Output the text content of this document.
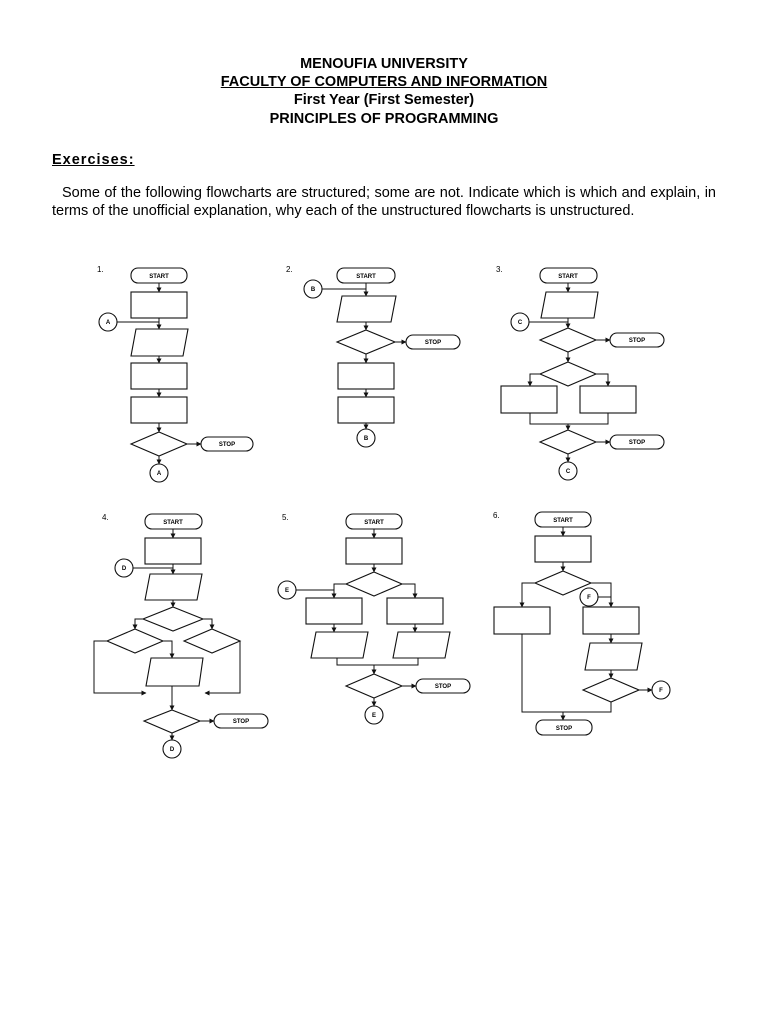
MENOUFIA UNIVERSITY
FACULTY OF COMPUTERS AND INFORMATION
First Year (First Semester)
PRINCIPLES OF PROGRAMMING
Exercises:
Some of the following flowcharts are structured; some are not. Indicate which is which and explain, in terms of the unofficial explanation, why each of the unstructured flowcharts is unstructured.
1.
START
A
STOP
A
2.
START
B
STOP
B
3.
START
C
STOP
STOP
C
4.
START
D
STOP
D
5.
START
E
STOP
E
6.
START
F
F
STOP
